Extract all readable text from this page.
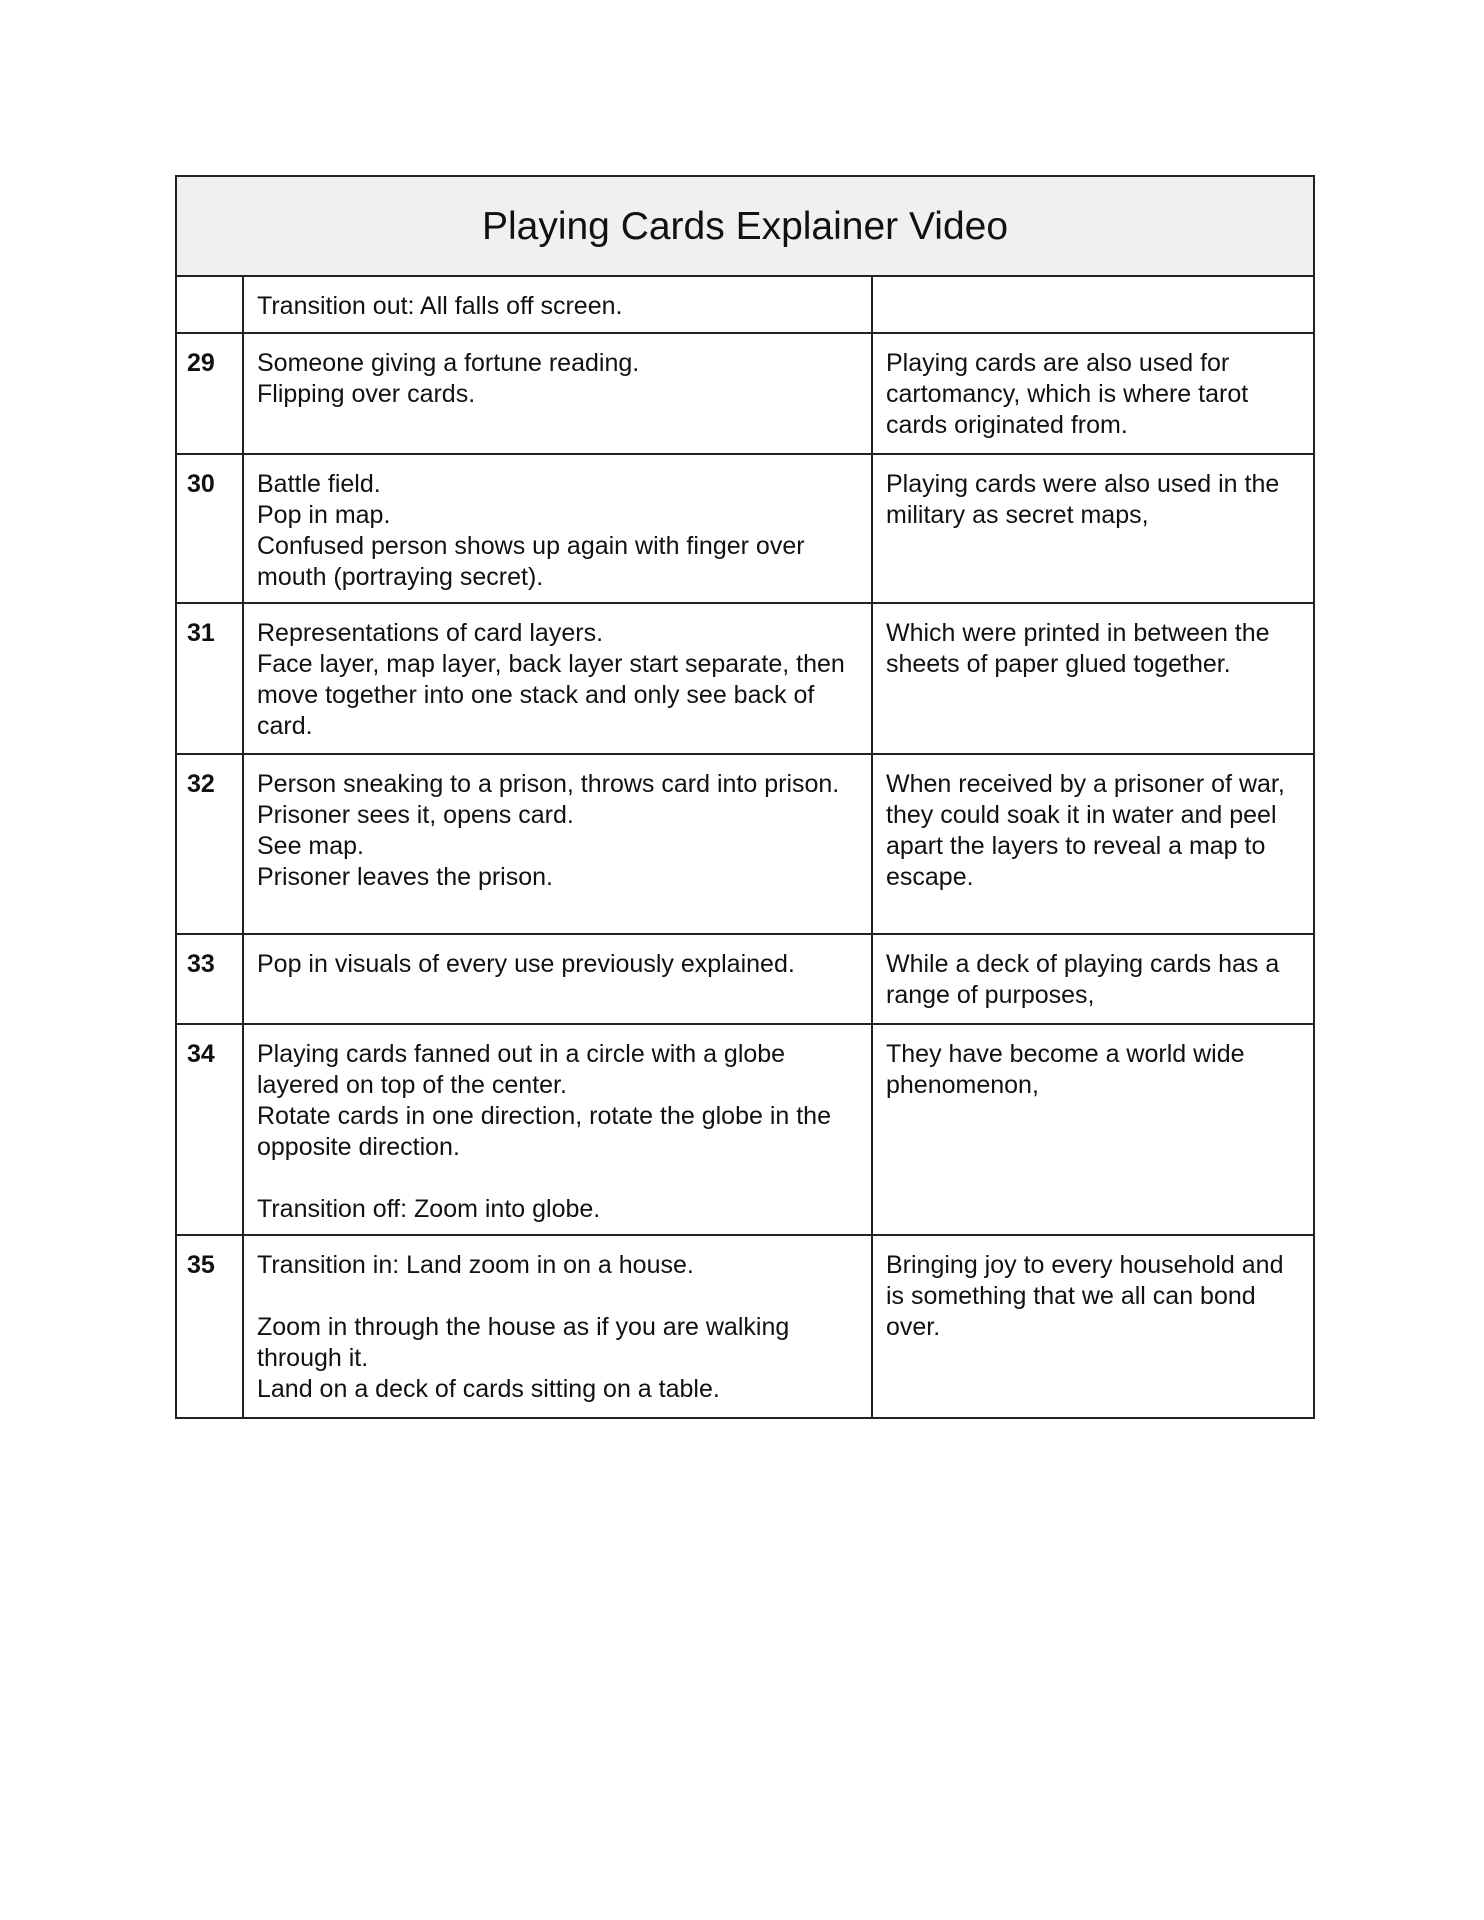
Playing Cards Explainer Video		

	Transition out: All falls off screen.	

29	Someone giving a fortune reading.
Flipping over cards.	Playing cards are also used for cartomancy, which is where tarot cards originated from.

30	Battle field.
Pop in map.
Confused person shows up again with finger over mouth (portraying secret).	Playing cards were also used in the military as secret maps,

31	Representations of card layers.
Face layer, map layer, back layer start separate, then move together into one stack and only see back of card.	Which were printed in between the sheets of paper glued together.

32	Person sneaking to a prison, throws card into prison.
Prisoner sees it, opens card.
See map.
Prisoner leaves the prison.	When received by a prisoner of war, they could soak it in water and peel apart the layers to reveal a map to escape.

33	Pop in visuals of every use previously explained.	While a deck of playing cards has a range of purposes,

34	Playing cards fanned out in a circle with a globe layered on top of the center.
Rotate cards in one direction, rotate the globe in the opposite direction.
Transition off: Zoom into globe.	They have become a world wide phenomenon,

35	Transition in: Land zoom in on a house.
Zoom in through the house as if you are walking through it.
Land on a deck of cards sitting on a table.	Bringing joy to every household and is something that we all can bond over.
